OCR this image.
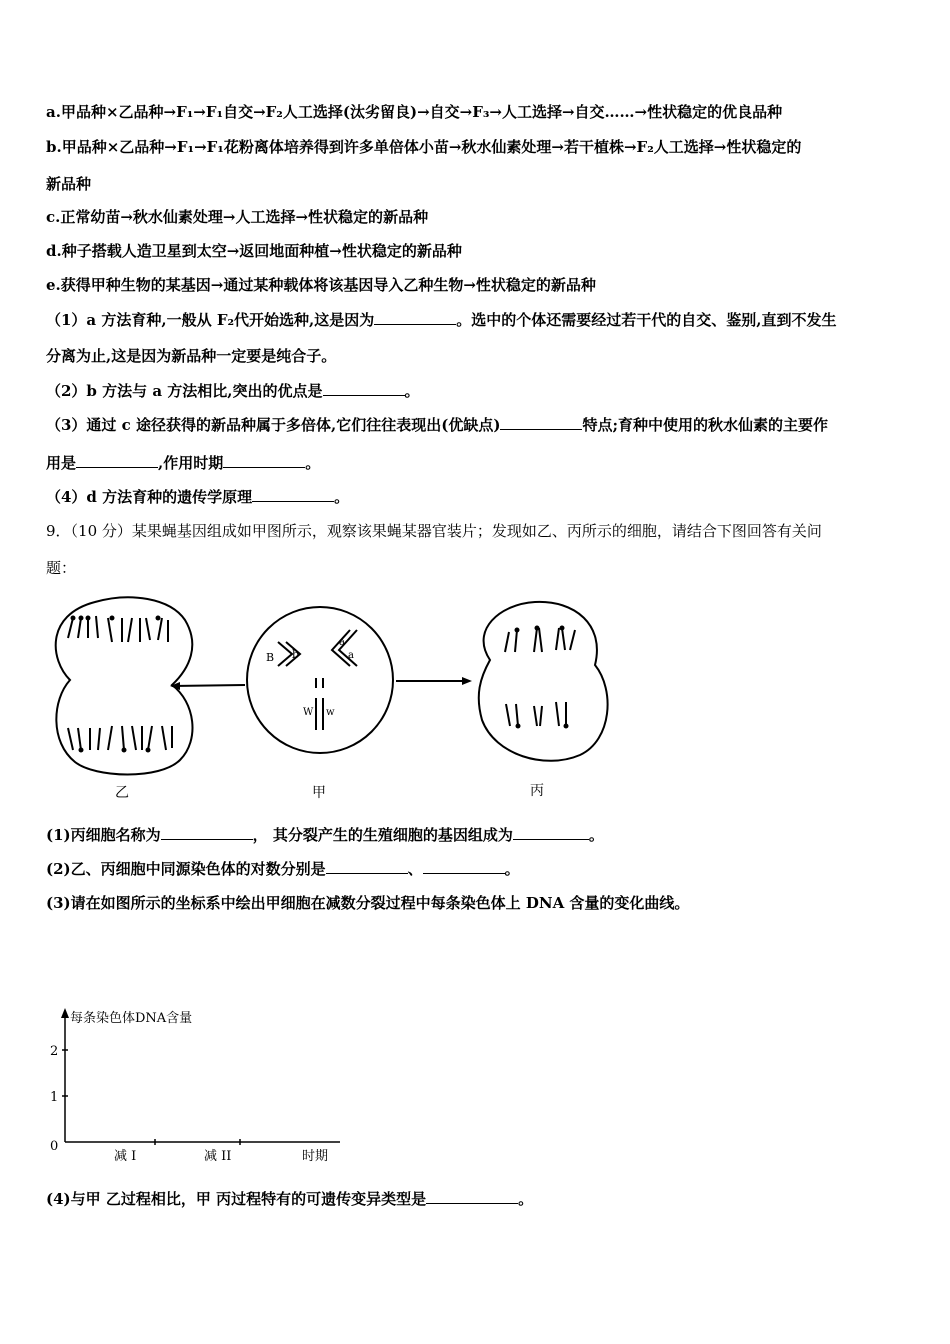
a.甲品种×乙品种→F₁→F₁自交→F₂人工选择(汰劣留良)→自交→F₃→人工选择→自交……→性状稳定的优良品种
b.甲品种×乙品种→F₁→F₁花粉离体培养得到许多单倍体小苗→秋水仙素处理→若干植株→F₂人工选择→性状稳定的
新品种
c.正常幼苗→秋水仙素处理→人工选择→性状稳定的新品种
d.种子搭载人造卫星到太空→返回地面种植→性状稳定的新品种
e.获得甲种生物的某基因→通过某种载体将该基因导入乙种生物→性状稳定的新品种
（1）a 方法育种,一般从 F₂代开始选种,这是因为	。选中的个体还需要经过若干代的自交、鉴别,直到不发生
分离为止,这是因为新品种一定要是纯合子。
（2）b 方法与 a 方法相比,突出的优点是	。
（3）通过 c 途径获得的新品种属于多倍体,它们往往表现出(优缺点)	特点;育种中使用的秋水仙素的主要作
用是	,作用时期	。
（4）d 方法育种的遗传学原理	。
9．（10 分）某果蝇基因组成如甲图所示，观察该果蝇某器官装片；发现如乙、丙所示的细胞，请结合下图回答有关问
题：
B b
a
a
W w
乙	甲	丙
(1)丙细胞名称为	， 其分裂产生的生殖细胞的基因组成为	。
(2)乙、丙细胞中同源染色体的对数分别是	、	。
(3)请在如图所示的坐标系中绘出甲细胞在减数分裂过程中每条染色体上 DNA 含量的变化曲线。
每条染色体DNA含量
2
1
0
减 I	减 II	时期
(4)与甲 乙过程相比，甲 丙过程特有的可遗传变异类型是	。
